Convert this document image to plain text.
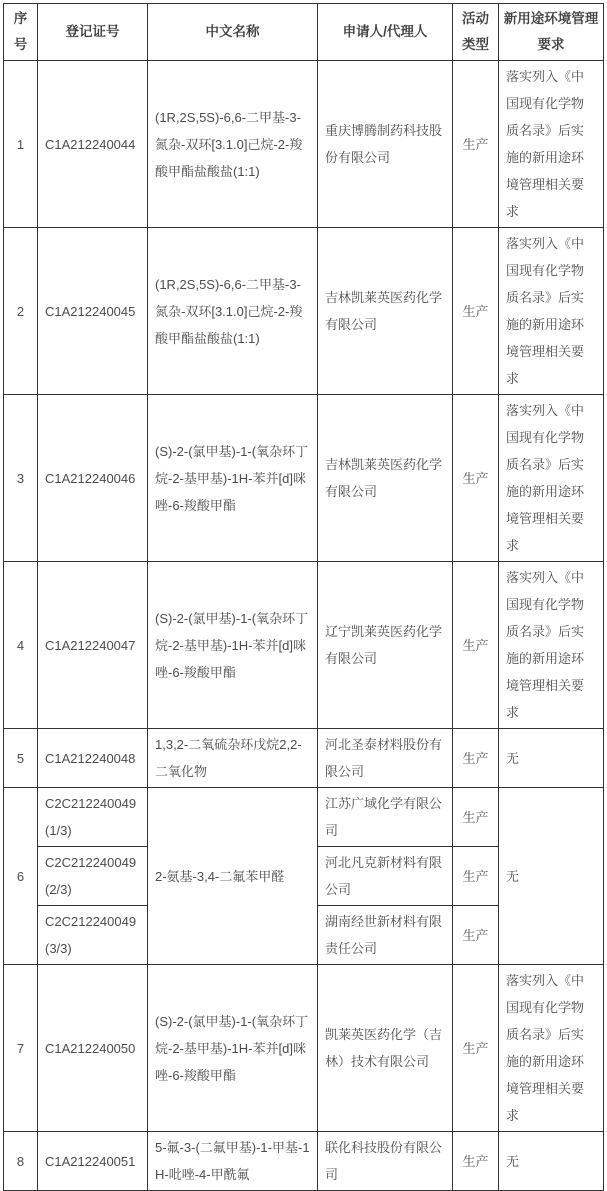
序号	登记证号	中文名称	申请人/代理人	活动类型	新用途环境管理要求
1	C1A212240044	(1R,2S,5S)-6,6-二甲基-3-氮杂-双环[3.1.0]己烷-2-羧酸甲酯盐酸盐(1:1)	重庆博腾制药科技股份有限公司	生产	落实列入《中国现有化学物质名录》后实施的新用途环境管理相关要求
2	C1A212240045	(1R,2S,5S)-6,6-二甲基-3-氮杂-双环[3.1.0]己烷-2-羧酸甲酯盐酸盐(1:1)	吉林凯莱英医药化学有限公司	生产	落实列入《中国现有化学物质名录》后实施的新用途环境管理相关要求
3	C1A212240046	(S)-2-(氯甲基)-1-(氧杂环丁烷-2-基甲基)-1H-苯并[d]咪唑-6-羧酸甲酯	吉林凯莱英医药化学有限公司	生产	落实列入《中国现有化学物质名录》后实施的新用途环境管理相关要求
4	C1A212240047	(S)-2-(氯甲基)-1-(氧杂环丁烷-2-基甲基)-1H-苯并[d]咪唑-6-羧酸甲酯	辽宁凯莱英医药化学有限公司	生产	落实列入《中国现有化学物质名录》后实施的新用途环境管理相关要求
5	C1A212240048	1,3,2-二氧硫杂环戊烷2,2-二氧化物	河北圣泰材料股份有限公司	生产	无
6	C2C212240049(1/3)	2-氨基-3,4-二氟苯甲醛	江苏广域化学有限公司	生产	无
	C2C212240049(2/3)		河北凡克新材料有限公司	生产	
	C2C212240049(3/3)		湖南经世新材料有限责任公司	生产	
7	C1A212240050	(S)-2-(氯甲基)-1-(氧杂环丁烷-2-基甲基)-1H-苯并[d]咪唑-6-羧酸甲酯	凯莱英医药化学（吉林）技术有限公司	生产	落实列入《中国现有化学物质名录》后实施的新用途环境管理相关要求
8	C1A212240051	5-氟-3-(二氟甲基)-1-甲基-1H-吡唑-4-甲酰氟	联化科技股份有限公司	生产	无
